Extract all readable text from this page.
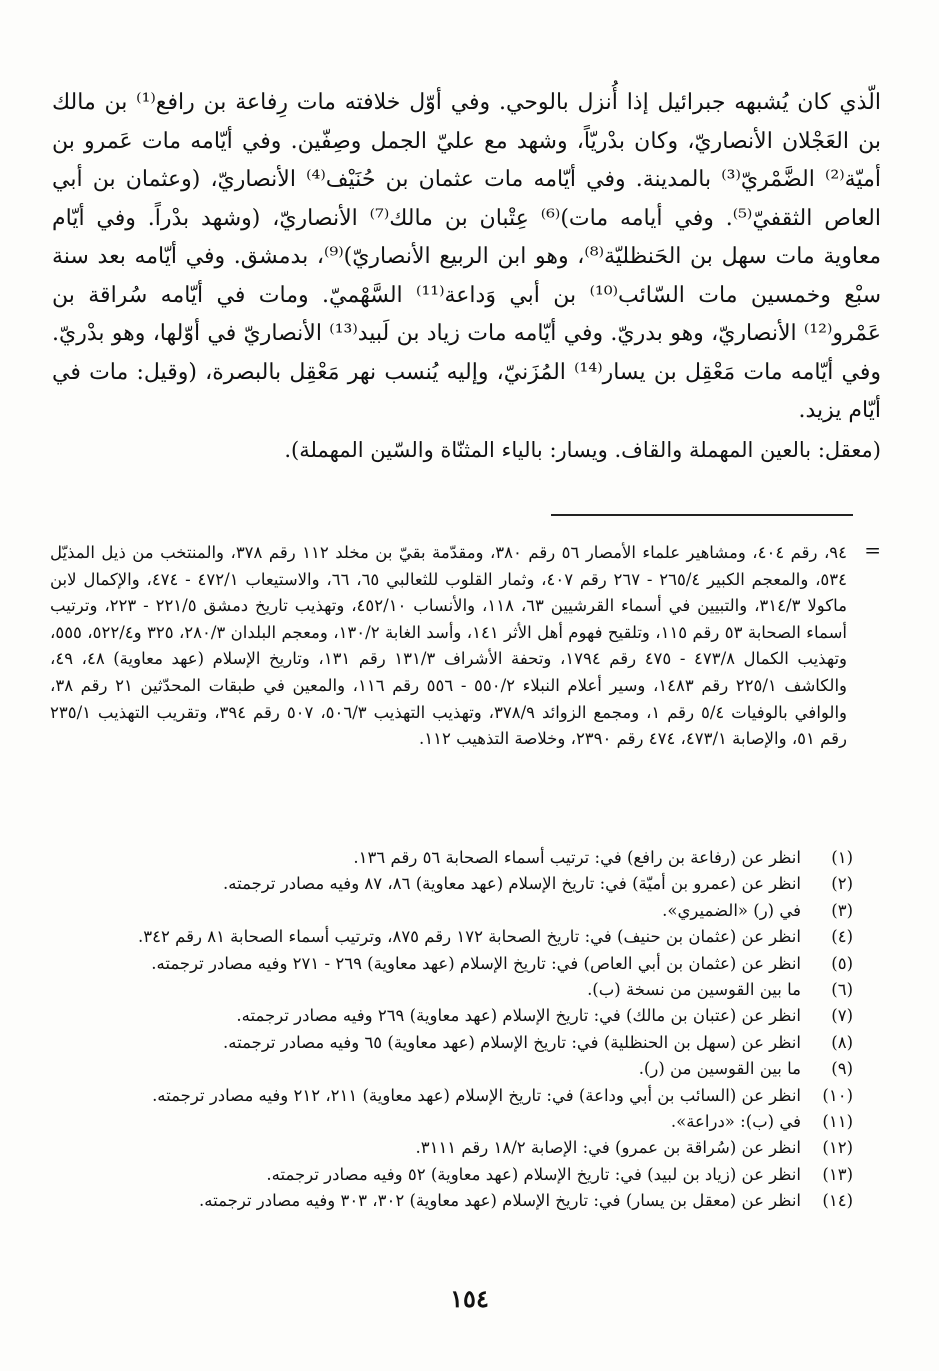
الّذي كان يُشبهه جبرائيل إذا أُنزل بالوحي. وفي أوّل خلافته مات رِفاعة بن رافع⁽¹⁾ بن مالك بن العَجْلان الأنصاريّ، وكان بدْريّاً، وشهد مع عليّ الجمل وصِفّين. وفي أيّامه مات عَمرو بن أميّة⁽²⁾ الضَّمْريّ⁽³⁾ بالمدينة. وفي أيّامه مات عثمان بن حُنَيْف⁽⁴⁾ الأنصاريّ، (وعثمان بن أبي العاص الثقفيّ⁽⁵⁾. وفي أيامه مات)⁽⁶⁾ عِتْبان بن مالك⁽⁷⁾ الأنصاريّ، (وشهد بدْراً. وفي أيّام معاوية مات سهل بن الحَنظليّة⁽⁸⁾، وهو ابن الربيع الأنصاريّ)⁽⁹⁾، بدمشق. وفي أيّامه بعد سنة سبْع وخمسين مات السّائب⁽¹⁰⁾ بن أبي وَداعة⁽¹¹⁾ السَّهْميّ. ومات في أيّامه سُراقة بن عَمْرو⁽¹²⁾ الأنصاريّ، وهو بدريّ. وفي أيّامه مات زياد بن لَبيد⁽¹³⁾ الأنصاريّ في أوّلها، وهو بدْريّ. وفي أيّامه مات مَعْقِل بن يسار⁽¹⁴⁾ المُزَنيّ، وإليه يُنسب نهر مَعْقِل بالبصرة، (وقيل: مات في أيّام يزيد.

(معقل: بالعين المهملة والقاف. ويسار: بالياء المثنّاة والسّين المهملة).

=
٩٤، رقم ٤٠٤، ومشاهير علماء الأمصار ٥٦ رقم ٣٨٠، ومقدّمة بقيّ بن مخلد ١١٢ رقم ٣٧٨، والمنتخب من ذيل المذيّل ٥٣٤، والمعجم الكبير ٢٦٥/٤ - ٢٦٧ رقم ٤٠٧، وثمار القلوب للثعالبي ٦٥، ٦٦، والاستيعاب ٤٧٢/١ - ٤٧٤، والإكمال لابن ماكولا ٣١٤/٣، والتبيين في أسماء القرشيين ٦٣، ١١٨، والأنساب ٤٥٢/١٠، وتهذيب تاريخ دمشق ٢٢١/٥ - ٢٢٣، وترتيب أسماء الصحابة ٥٣ رقم ١١٥، وتلقيح فهوم أهل الأثر ١٤١، وأسد الغابة ١٣٠/٢، ومعجم البلدان ٢٨٠/٣، ٣٢٥ و٥٢٢/٤، ٥٥٥، وتهذيب الكمال ٤٧٣/٨ - ٤٧٥ رقم ١٧٩٤، وتحفة الأشراف ١٣١/٣ رقم ١٣١، وتاريخ الإسلام (عهد معاوية) ٤٨، ٤٩، والكاشف ٢٢٥/١ رقم ١٤٨٣، وسير أعلام النبلاء ٥٥٠/٢ - ٥٥٦ رقم ١١٦، والمعين في طبقات المحدّثين ٢١ رقم ٣٨، والوافي بالوفيات ٥/٤ رقم ١، ومجمع الزوائد ٣٧٨/٩، وتهذيب التهذيب ٥٠٦/٣، ٥٠٧ رقم ٣٩٤، وتقريب التهذيب ٢٣٥/١ رقم ٥١، والإصابة ٤٧٣/١، ٤٧٤ رقم ٢٣٩٠، وخلاصة التذهيب ١١٢.
(١)
انظر عن (رفاعة بن رافع) في: ترتيب أسماء الصحابة ٥٦ رقم ١٣٦.
(٢)
انظر عن (عمرو بن أميّة) في: تاريخ الإسلام (عهد معاوية) ٨٦، ٨٧ وفيه مصادر ترجمته.
(٣)
في (ر) «الضميري».
(٤)
انظر عن (عثمان بن حنيف) في: تاريخ الصحابة ١٧٢ رقم ٨٧٥، وترتيب أسماء الصحابة ٨١ رقم ٣٤٢.
(٥)
انظر عن (عثمان بن أبي العاص) في: تاريخ الإسلام (عهد معاوية) ٢٦٩ - ٢٧١ وفيه مصادر ترجمته.
(٦)
ما بين القوسين من نسخة (ب).
(٧)
انظر عن (عتبان بن مالك) في: تاريخ الإسلام (عهد معاوية) ٢٦٩ وفيه مصادر ترجمته.
(٨)
انظر عن (سهل بن الحنظلية) في: تاريخ الإسلام (عهد معاوية) ٦٥ وفيه مصادر ترجمته.
(٩)
ما بين القوسين من (ر).
(١٠)
انظر عن (السائب بن أبي وداعة) في: تاريخ الإسلام (عهد معاوية) ٢١١، ٢١٢ وفيه مصادر ترجمته.
(١١)
في (ب): «دراعة».
(١٢)
انظر عن (سُراقة بن عمرو) في: الإصابة ١٨/٢ رقم ٣١١١.
(١٣)
انظر عن (زياد بن لبيد) في: تاريخ الإسلام (عهد معاوية) ٥٢ وفيه مصادر ترجمته.
(١٤)
انظر عن (معقل بن يسار) في: تاريخ الإسلام (عهد معاوية) ٣٠٢، ٣٠٣ وفيه مصادر ترجمته.
١٥٤
